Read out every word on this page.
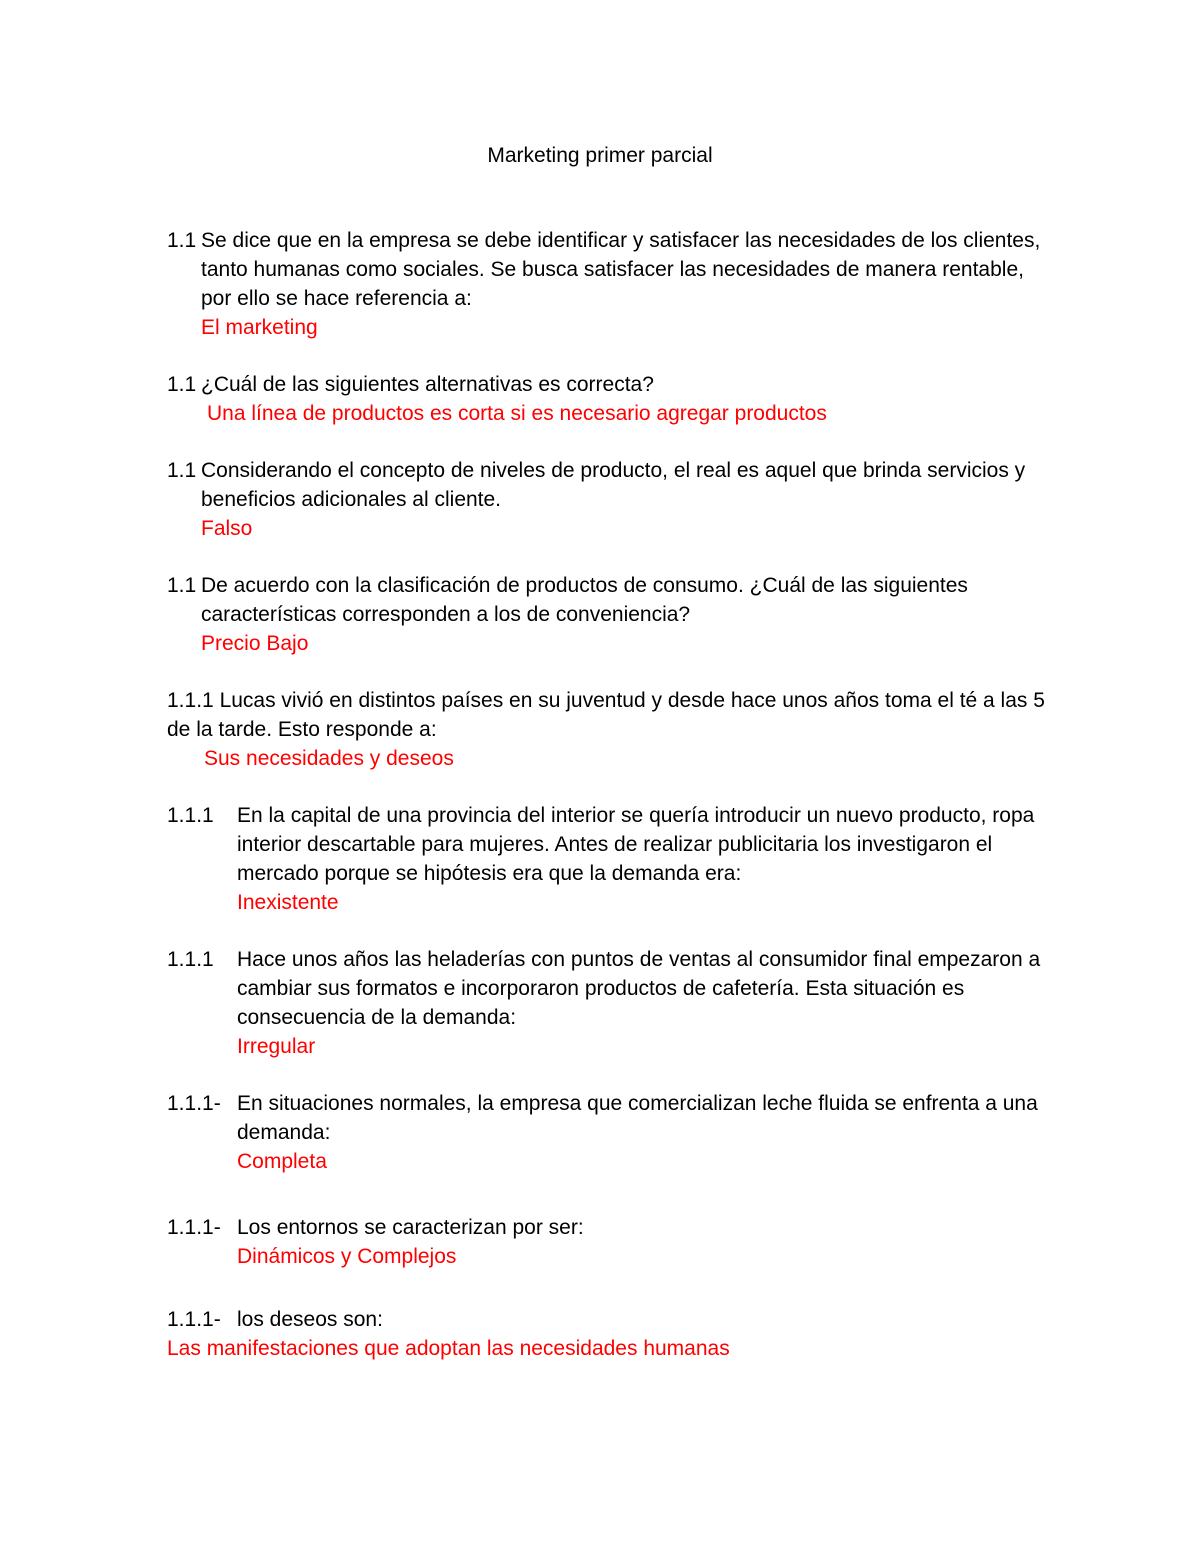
Marketing primer parcial
1.1 Se dice que en la empresa se debe identificar y satisfacer las necesidades de los clientes, tanto humanas como sociales. Se busca satisfacer las necesidades de manera rentable, por ello se hace referencia a:
El marketing
1.1 ¿Cuál de las siguientes alternativas es correcta?
Una línea de productos es corta si es necesario agregar productos
1.1 Considerando el concepto de niveles de producto, el real es aquel que brinda servicios y beneficios adicionales al cliente.
Falso
1.1 De acuerdo con la clasificación de productos de consumo. ¿Cuál de las siguientes características corresponden a los de conveniencia?
Precio Bajo
1.1.1 Lucas vivió en distintos países en su juventud y desde hace unos años toma el té a las 5 de la tarde. Esto responde a:
Sus necesidades y deseos
1.1.1	En la capital de una provincia del interior se quería introducir un nuevo producto, ropa interior descartable para mujeres. Antes de realizar publicitaria los investigaron el mercado porque se hipótesis era que la demanda era:
Inexistente
1.1.1	Hace unos años las heladerías con puntos de ventas al consumidor final empezaron a cambiar sus formatos e incorporaron productos de cafetería. Esta situación es consecuencia de la demanda:
Irregular
1.1.1- En situaciones normales, la empresa que comercializan leche fluida se enfrenta a una demanda:
Completa
1.1.1- Los entornos se caracterizan por ser:
Dinámicos y Complejos
1.1.1- los deseos son:
Las manifestaciones que adoptan las necesidades humanas
